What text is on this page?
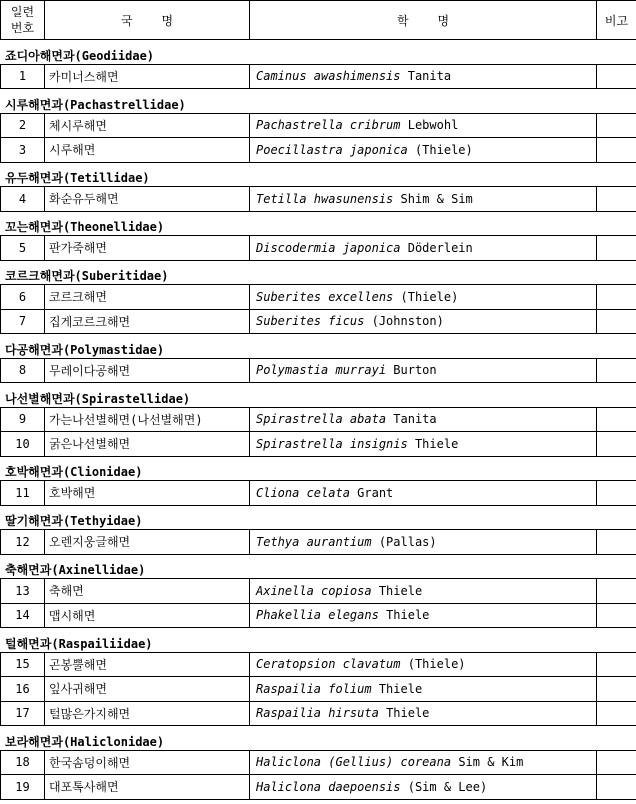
일련
번호	국    명	학    명	비고
죠디아해면과(Geodiidae)			
1	카미너스해면	Caminus awashimensis Tanita	
시루해면과(Pachastrellidae)			
2	체시루해면	Pachastrella cribrum Lebwohl	
3	시루해면	Poecillastra japonica (Thiele)	
유두해면과(Tetillidae)			
4	화순유두해면	Tetilla hwasunensis Shim & Sim	
꼬는해면과(Theonellidae)			
5	판가죽해면	Discodermia japonica Döderlein	
코르크해면과(Suberitidae)			
6	코르크해면	Suberites excellens (Thiele)	
7	집게코르크해면	Suberites ficus (Johnston)	
다공해면과(Polymastidae)			
8	무레이다공해면	Polymastia murrayi Burton	
나선별해면과(Spirastellidae)			
9	가는나선별해면(나선별해면)	Spirastrella abata Tanita	
10	굵은나선별해면	Spirastrella insignis Thiele	
호박해면과(Clionidae)			
11	호박해면	Cliona celata Grant	
딸기해면과(Tethyidae)			
12	오렌지웅글해면	Tethya aurantium (Pallas)	
축해면과(Axinellidae)			
13	축해면	Axinella copiosa Thiele	
14	맵시해면	Phakellia elegans Thiele	
털해면과(Raspailiidae)			
15	곤봉뿔해면	Ceratopsion clavatum (Thiele)	
16	잎사귀해면	Raspailia folium Thiele	
17	털많은가지해면	Raspailia hirsuta Thiele	
보라해면과(Haliclonidae)			
18	한국솜덩이해면	Haliclona (Gellius) coreana Sim & Kim	
19	대포톡사해면	Haliclona daepoensis (Sim & Lee)	
